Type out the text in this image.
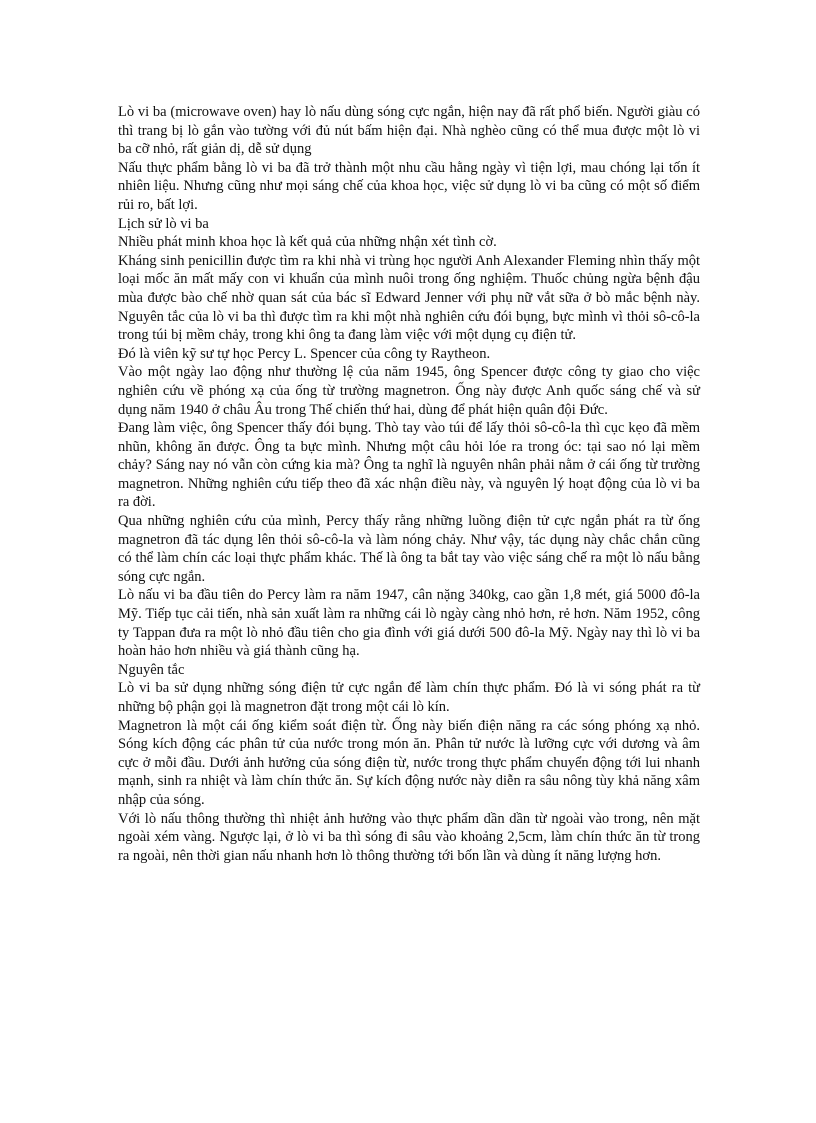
Lò vi ba (microwave oven) hay lò nấu dùng sóng cực ngắn, hiện nay đã rất phổ biến. Người giàu có thì trang bị lò gắn vào tường với đủ nút bấm hiện đại. Nhà nghèo cũng có thể mua được một lò vi ba cỡ nhỏ, rất giản dị, dễ sử dụng

Nấu thực phẩm bằng lò vi ba đã trở thành một nhu cầu hằng ngày vì tiện lợi, mau chóng lại tốn ít nhiên liệu. Nhưng cũng như mọi sáng chế của khoa học, việc sử dụng lò vi ba cũng có một số điểm rủi ro, bất lợi.

Lịch sử lò vi ba

Nhiều phát minh khoa học là kết quả của những nhận xét tình cờ.

Kháng sinh penicillin được tìm ra khi nhà vi trùng học người Anh Alexander Fleming nhìn thấy một loại mốc ăn mất mấy con vi khuẩn của mình nuôi trong ống nghiệm. Thuốc chủng ngừa bệnh đậu mùa được bào chế nhờ quan sát của bác sĩ Edward Jenner với phụ nữ vắt sữa ở bò mắc bệnh này. Nguyên tắc của lò vi ba thì được tìm ra khi một nhà nghiên cứu đói bụng, bực mình vì thỏi sô-cô-la trong túi bị mềm chảy, trong khi ông ta đang làm việc với một dụng cụ điện tử.

Đó là viên kỹ sư tự học Percy L. Spencer của công ty Raytheon.

Vào một ngày lao động như thường lệ của năm 1945, ông Spencer được công ty giao cho việc nghiên cứu về phóng xạ của ống từ trường magnetron. Ống này được Anh quốc sáng chế và sử dụng năm 1940 ở châu Âu trong Thế chiến thứ hai, dùng để phát hiện quân đội Đức.

Đang làm việc, ông Spencer thấy đói bụng. Thò tay vào túi để lấy thỏi sô-cô-la thì cục kẹo đã mềm nhũn, không ăn được. Ông ta bực mình. Nhưng một câu hỏi lóe ra trong óc: tại sao nó lại mềm chảy? Sáng nay nó vẫn còn cứng kia mà? Ông ta nghĩ là nguyên nhân phải nằm ở cái ống từ trường magnetron. Những nghiên cứu tiếp theo đã xác nhận điều này, và nguyên lý hoạt động của lò vi ba ra đời.

Qua những nghiên cứu của mình, Percy thấy rằng những luồng điện tử cực ngắn phát ra từ ống magnetron đã tác dụng lên thỏi sô-cô-la và làm nóng chảy. Như vậy, tác dụng này chắc chắn cũng có thể làm chín các loại thực phẩm khác. Thế là ông ta bắt tay vào việc sáng chế ra một lò nấu bằng sóng cực ngắn.

Lò nấu vi ba đầu tiên do Percy làm ra năm 1947, cân nặng 340kg, cao gần 1,8 mét, giá 5000 đô-la Mỹ. Tiếp tục cải tiến, nhà sản xuất làm ra những cái lò ngày càng nhỏ hơn, rẻ hơn. Năm 1952, công ty Tappan đưa ra một lò nhỏ đầu tiên cho gia đình với giá dưới 500 đô-la Mỹ. Ngày nay thì lò vi ba hoàn hảo hơn nhiều và giá thành cũng hạ.

Nguyên tắc

Lò vi ba sử dụng những sóng điện tử cực ngắn để làm chín thực phẩm. Đó là vi sóng phát ra từ những bộ phận gọi là magnetron đặt trong một cái lò kín.

Magnetron là một cái ống kiểm soát điện từ. Ống này biến điện năng ra các sóng phóng xạ nhỏ. Sóng kích động các phân tử của nước trong món ăn. Phân tử nước là lưỡng cực với dương và âm cực ở mỗi đầu. Dưới ảnh hưởng của sóng điện từ, nước trong thực phẩm chuyển động tới lui nhanh mạnh, sinh ra nhiệt và làm chín thức ăn. Sự kích động nước này diễn ra sâu nông tùy khả năng xâm nhập của sóng.

Với lò nấu thông thường thì nhiệt ảnh hưởng vào thực phẩm dần dần từ ngoài vào trong, nên mặt ngoài xém vàng. Ngược lại, ở lò vi ba thì sóng đi sâu vào khoảng 2,5cm, làm chín thức ăn từ trong ra ngoài, nên thời gian nấu nhanh hơn lò thông thường tới bốn lần và dùng ít năng lượng hơn.
